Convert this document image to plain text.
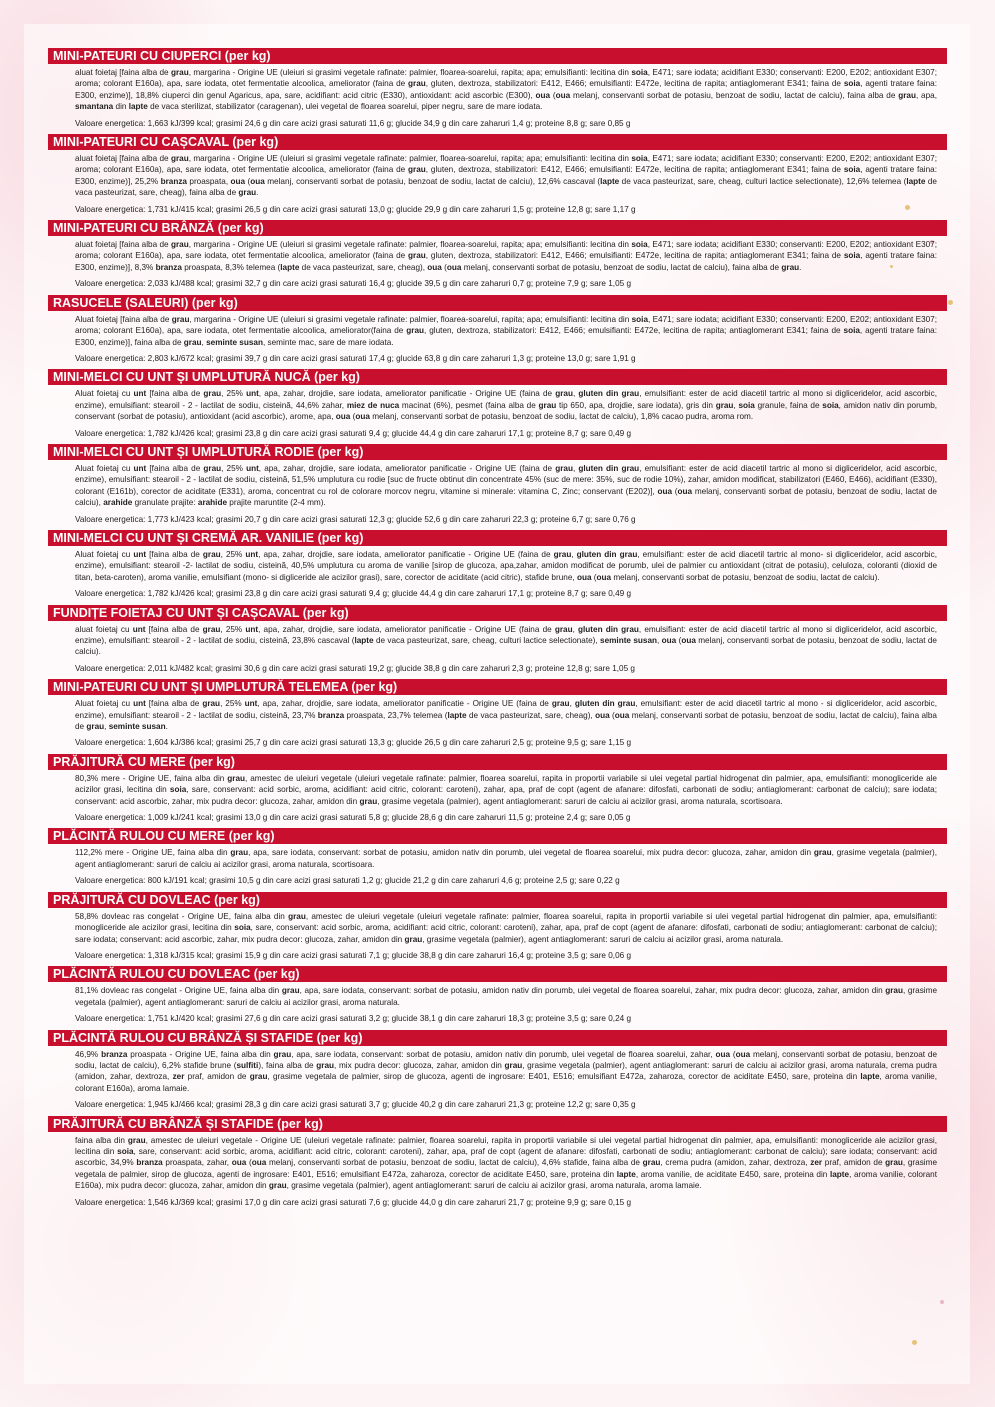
MINI-PATEURI CU CIUPERCI (per kg)
aluat foietaj [faina alba de grau, margarina - Origine UE (uleiuri si grasimi vegetale rafinate: palmier, floarea-soarelui, rapita; apa; emulsifianti: lecitina din soia, E471; sare iodata; acidifiant E330; conservanti: E200, E202; antioxidant E307; aroma; colorant E160a), apa, sare iodata, otet fermentatie alcoolica, ameliorator (faina de grau, gluten, dextroza, stabilizatori: E412, E466; emulsifianti: E472e, lecitina de rapita; antiaglomerant E341; faina de soia, agenti tratare faina: E300, enzime)], 18,8% ciuperci din genul Agaricus, apa, sare, acidifiant: acid citric (E330), antioxidant: acid ascorbic (E300), oua (oua melanj, conservanti sorbat de potasiu, benzoat de sodiu, lactat de calciu), faina alba de grau, apa, smantana din lapte de vaca sterilizat, stabilizator (caragenan), ulei vegetal de floarea soarelui, piper negru, sare de mare iodata.
Valoare energetica: 1,663 kJ/399 kcal; grasimi 24,6 g din care acizi grasi saturati 11,6 g; glucide 34,9 g din care zaharuri 1,4 g; proteine 8,8 g; sare 0,85 g
MINI-PATEURI CU CAȘCAVAL (per kg)
aluat foietaj [faina alba de grau, margarina - Origine UE (uleiuri si grasimi vegetale rafinate: palmier, floarea-soarelui, rapita; apa; emulsifianti: lecitina din soia, E471; sare iodata; acidifiant E330; conservanti: E200, E202; antioxidant E307; aroma; colorant E160a), apa, sare iodata, otet fermentatie alcoolica, ameliorator (faina de grau, gluten, dextroza, stabilizatori: E412, E466; emulsifianti: E472e, lecitina de rapita; antiaglomerant E341; faina de soia, agenti tratare faina: E300, enzime)], 25,2% branza proaspata, oua (oua melanj, conservanti sorbat de potasiu, benzoat de sodiu, lactat de calciu), 12,6% cascaval (lapte de vaca pasteurizat, sare, cheag, culturi lactice selectionate), 12,6% telemea (lapte de vaca pasteurizat, sare, cheag), faina alba de grau.
Valoare energetica: 1,731 kJ/415 kcal; grasimi 26,5 g din care acizi grasi saturati 13,0 g; glucide 29,9 g din care zaharuri 1,5 g; proteine 12,8 g; sare 1,17 g
MINI-PATEURI CU BRÂNZĂ (per kg)
aluat foietaj [faina alba de grau, margarina - Origine UE (uleiuri si grasimi vegetale rafinate: palmier, floarea-soarelui, rapita; apa; emulsifianti: lecitina din soia, E471; sare iodata; acidifiant E330; conservanti: E200, E202; antioxidant E307; aroma; colorant E160a), apa, sare iodata, otet fermentatie alcoolica, ameliorator (faina de grau, gluten, dextroza, stabilizatori: E412, E466; emulsifianti: E472e, lecitina de rapita; antiaglomerant E341; faina de soia, agenti tratare faina: E300, enzime)], 8,3% branza proaspata, 8,3% telemea (lapte de vaca pasteurizat, sare, cheag), oua (oua melanj, conservanti sorbat de potasiu, benzoat de sodiu, lactat de calciu), faina alba de grau.
Valoare energetica: 2,033 kJ/488 kcal; grasimi 32,7 g din care acizi grasi saturati 16,4 g; glucide 39,5 g din care zaharuri 0,7 g; proteine 7,9 g; sare 1,05 g
RASUCELE (SALEURI) (per kg)
Aluat foietaj [faina alba de grau, margarina - Origine UE (uleiuri si grasimi vegetale rafinate: palmier, floarea-soarelui, rapita; apa; emulsifianti: lecitina din soia, E471; sare iodata; acidifiant E330; conservanti: E200, E202; antioxidant E307; aroma; colorant E160a), apa, sare iodata, otet fermentatie alcoolica, ameliorator(faina de grau, gluten, dextroza, stabilizatori: E412, E466; emulsifianti: E472e, lecitina de rapita; antiaglomerant E341; faina de soia, agenti tratare faina: E300, enzime)], faina alba de grau, seminte susan, seminte mac, sare de mare iodata.
Valoare energetica: 2,803 kJ/672 kcal; grasimi 39,7 g din care acizi grasi saturati 17,4 g; glucide 63,8 g din care zaharuri 1,3 g; proteine 13,0 g; sare 1,91 g
MINI-MELCI CU UNT ȘI UMPLUTURĂ NUCĂ (per kg)
Aluat foietaj cu unt [faina alba de grau, 25% unt, apa, zahar, drojdie, sare iodata, ameliorator panificatie - Origine UE (faina de grau, gluten din grau, emulsifiant: ester de acid diacetil tartric al mono si digliceridelor, acid ascorbic, enzime), emulsifiant: stearoil - 2 - lactilat de sodiu, cisteină, 44,6% zahar, miez de nuca macinat (6%), pesmet (faina alba de grau tip 650, apa, drojdie, sare iodata), gris din grau, soia granule, faina de soia, amidon nativ din porumb, conservant (sorbat de potasiu), antioxidant (acid ascorbic), arome, apa, oua (oua melanj, conservanti sorbat de potasiu, benzoat de sodiu, lactat de calciu), 1,8% cacao pudra, aroma rom.
Valoare energetica: 1,782 kJ/426 kcal; grasimi 23,8 g din care acizi grasi saturati 9,4 g; glucide 44,4 g din care zaharuri 17,1 g; proteine 8,7 g; sare 0,49 g
MINI-MELCI CU UNT ȘI UMPLUTURĂ RODIE (per kg)
Aluat foietaj cu unt [faina alba de grau, 25% unt, apa, zahar, drojdie, sare iodata, ameliorator panificatie - Origine UE (faina de grau, gluten din grau, emulsifiant: ester de acid diacetil tartric al mono si digliceridelor, acid ascorbic, enzime), emulsifiant: stearoil - 2 - lactilat de sodiu, cisteină, 51,5% umplutura cu rodie [suc de fructe obtinut din concentrate 45% (suc de mere: 35%, suc de rodie 10%), zahar, amidon modificat, stabilizatori (E460, E466), acidifiant (E330), colorant (E161b), corector de aciditate (E331), aroma, concentrat cu rol de colorare morcov negru, vitamine si minerale: vitamina C, Zinc; conservant (E202)], oua (oua melanj, conservanti sorbat de potasiu, benzoat de sodiu, lactat de calciu), arahide granulate prajite: arahide prajite maruntite (2-4 mm).
Valoare energetica: 1,773 kJ/423 kcal; grasimi 20,7 g din care acizi grasi saturati 12,3 g; glucide 52,6 g din care zaharuri 22,3 g; proteine 6,7 g; sare 0,76 g
MINI-MELCI CU UNT ȘI CREMĂ AR. VANILIE (per kg)
Aluat foietaj cu unt [faina alba de grau, 25% unt, apa, zahar, drojdie, sare iodata, ameliorator panificatie - Origine UE (faina de grau, gluten din grau, emulsifiant: ester de acid diacetil tartric al mono- si digliceridelor, acid ascorbic, enzime), emulsifiant: stearoil -2- lactilat de sodiu, cisteină, 40,5% umplutura cu aroma de vanilie [sirop de glucoza, apa,zahar, amidon modificat de porumb, ulei de palmier cu antioxidant (citrat de potasiu), celuloza, coloranti (dioxid de titan, beta-caroten), aroma vanilie, emulsifiant (mono- si digliceride ale acizilor grasi), sare, corector de aciditate (acid citric), stafide brune, oua (oua melanj, conservanti sorbat de potasiu, benzoat de sodiu, lactat de calciu).
Valoare energetica: 1,782 kJ/426 kcal; grasimi 23,8 g din care acizi grasi saturati 9,4 g; glucide 44,4 g din care zaharuri 17,1 g; proteine 8,7 g; sare 0,49 g
FUNDIȚE FOIETAJ CU UNT ȘI CAȘCAVAL (per kg)
aluat foietaj cu unt [faina alba de grau, 25% unt, apa, zahar, drojdie, sare iodata, ameliorator panificatie - Origine UE (faina de grau, gluten din grau, emulsifiant: ester de acid diacetil tartric al mono si digliceridelor, acid ascorbic, enzime), emulsifiant: stearoil - 2 - lactilat de sodiu, cisteină, 23,8% cascaval (lapte de vaca pasteurizat, sare, cheag, culturi lactice selectionate), seminte susan, oua (oua melanj, conservanti sorbat de potasiu, benzoat de sodiu, lactat de calciu).
Valoare energetica: 2,011 kJ/482 kcal; grasimi 30,6 g din care acizi grasi saturati 19,2 g; glucide 38,8 g din care zaharuri 2,3 g; proteine 12,8 g; sare 1,05 g
MINI-PATEURI CU UNT ȘI UMPLUTURĂ TELEMEA (per kg)
Aluat foietaj cu unt [faina alba de grau, 25% unt, apa, zahar, drojdie, sare iodata, ameliorator panificatie - Origine UE (faina de grau, gluten din grau, emulsifiant: ester de acid diacetil tartric al mono - si digliceridelor, acid ascorbic, enzime), emulsifiant: stearoil - 2 - lactilat de sodiu, cisteină, 23,7% branza proaspata, 23,7% telemea (lapte de vaca pasteurizat, sare, cheag), oua (oua melanj, conservanti sorbat de potasiu, benzoat de sodiu, lactat de calciu), faina alba de grau, seminte susan.
Valoare energetica: 1,604 kJ/386 kcal; grasimi 25,7 g din care acizi grasi saturati 13,3 g; glucide 26,5 g din care zaharuri 2,5 g; proteine 9,5 g; sare 1,15 g
PRĂJITURĂ CU MERE (per kg)
80,3% mere - Origine UE, faina alba din grau, amestec de uleiuri vegetale (uleiuri vegetale rafinate: palmier, floarea soarelui, rapita in proportii variabile si ulei vegetal partial hidrogenat din palmier, apa, emulsifianti: monogliceride ale acizilor grasi, lecitina din soia, sare, conservant: acid sorbic, aroma, acidifiant: acid citric, colorant: caroteni), zahar, apa, praf de copt (agent de afanare: difosfati, carbonati de sodiu; antiaglomerant: carbonat de calciu); sare iodata; conservant: acid ascorbic, zahar, mix pudra decor: glucoza, zahar, amidon din grau, grasime vegetala (palmier), agent antiaglomerant: saruri de calciu ai acizilor grasi, aroma naturala, scortisoara.
Valoare energetica: 1,009 kJ/241 kcal; grasimi 13,0 g din care acizi grasi saturati 5,8 g; glucide 28,6 g din care zaharuri 11,5 g; proteine 2,4 g; sare 0,05 g
PLĂCINTĂ RULOU CU MERE (per kg)
112,2% mere - Origine UE, faina alba din grau, apa, sare iodata, conservant: sorbat de potasiu, amidon nativ din porumb, ulei vegetal de floarea soarelui, mix pudra decor: glucoza, zahar, amidon din grau, grasime vegetala (palmier), agent antiaglomerant: saruri de calciu ai acizilor grasi, aroma naturala, scortisoara.
Valoare energetica: 800 kJ/191 kcal; grasimi 10,5 g din care acizi grasi saturati 1,2 g; glucide 21,2 g din care zaharuri 4,6 g; proteine 2,5 g; sare 0,22 g
PRĂJITURĂ CU DOVLEAC (per kg)
58,8% dovleac ras congelat - Origine UE, faina alba din grau, amestec de uleiuri vegetale (uleiuri vegetale rafinate: palmier, floarea soarelui, rapita in proportii variabile si ulei vegetal partial hidrogenat din palmier, apa, emulsifianti: monogliceride ale acizilor grasi, lecitina din soia, sare, conservant: acid sorbic, aroma, acidifiant: acid citric, colorant: caroteni), zahar, apa, praf de copt (agent de afanare: difosfati, carbonati de sodiu; antiaglomerant: carbonat de calciu); sare iodata; conservant: acid ascorbic, zahar, mix pudra decor: glucoza, zahar, amidon din grau, grasime vegetala (palmier), agent antiaglomerant: saruri de calciu ai acizilor grasi, aroma naturala.
Valoare energetica: 1,318 kJ/315 kcal; grasimi 15,9 g din care acizi grasi saturati 7,1 g; glucide 38,8 g din care zaharuri 16,4 g; proteine 3,5 g; sare 0,06 g
PLĂCINTĂ RULOU CU DOVLEAC (per kg)
81,1% dovleac ras congelat - Origine UE, faina alba din grau, apa, sare iodata, conservant: sorbat de potasiu, amidon nativ din porumb, ulei vegetal de floarea soarelui, zahar, mix pudra decor: glucoza, zahar, amidon din grau, grasime vegetala (palmier), agent antiaglomerant: saruri de calciu ai acizilor grasi, aroma naturala.
Valoare energetica: 1,751 kJ/420 kcal; grasimi 27,6 g din care acizi grasi saturati 3,2 g; glucide 38,1 g din care zaharuri 18,3 g; proteine 3,5 g; sare 0,24 g
PLĂCINTĂ RULOU CU BRÂNZĂ ȘI STAFIDE (per kg)
46,9% branza proaspata - Origine UE, faina alba din grau, apa, sare iodata, conservant: sorbat de potasiu, amidon nativ din porumb, ulei vegetal de floarea soarelui, zahar, oua (oua melanj, conservanti sorbat de potasiu, benzoat de sodiu, lactat de calciu), 6,2% stafide brune (sulfiti), faina alba de grau, mix pudra decor: glucoza, zahar, amidon din grau, grasime vegetala (palmier), agent antiaglomerant: saruri de calciu ai acizilor grasi, aroma naturala, crema pudra (amidon, zahar, dextroza, zer praf, amidon de grau, grasime vegetala de palmier, sirop de glucoza, agenti de ingrosare: E401, E516; emulsifiant E472a, zaharoza, corector de aciditate E450, sare, proteina din lapte, aroma vanilie, colorant E160a), aroma lamaie.
Valoare energetica: 1,945 kJ/466 kcal; grasimi 28,3 g din care acizi grasi saturati 3,7 g; glucide 40,2 g din care zaharuri 21,3 g; proteine 12,2 g; sare 0,35 g
PRĂJITURĂ CU BRÂNZĂ ȘI STAFIDE (per kg)
faina alba din grau, amestec de uleiuri vegetale - Origine UE (uleiuri vegetale rafinate: palmier, floarea soarelui, rapita in proportii variabile si ulei vegetal partial hidrogenat din palmier, apa, emulsifianti: monogliceride ale acizilor grasi, lecitina din soia, sare, conservant: acid sorbic, aroma, acidifiant: acid citric, colorant: caroteni), zahar, apa, praf de copt (agent de afanare: difosfati, carbonati de sodiu; antiaglomerant: carbonat de calciu); sare iodata; conservant: acid ascorbic, 34,9% branza proaspata, zahar, oua (oua melanj, conservanti sorbat de potasiu, benzoat de sodiu, lactat de calciu), 4,6% stafide, faina alba de grau, crema pudra (amidon, zahar, dextroza, zer praf, amidon de grau, grasime vegetala de palmier, sirop de glucoza, agenti de ingrosare: E401, E516; emulsifiant E472a, zaharoza, corector de aciditate E450, sare, proteina din lapte, aroma vanilie, de aciditate E450, sare, proteina din lapte, aroma vanilie, colorant E160a), mix pudra decor: glucoza, zahar, amidon din grau, grasime vegetala (palmier), agent antiaglomerant: saruri de calciu ai acizilor grasi, aroma naturala, aroma lamaie.
Valoare energetica: 1,546 kJ/369 kcal; grasimi 17,0 g din care acizi grasi saturati 7,6 g; glucide 44,0 g din care zaharuri 21,7 g; proteine 9,9 g; sare 0,15 g
